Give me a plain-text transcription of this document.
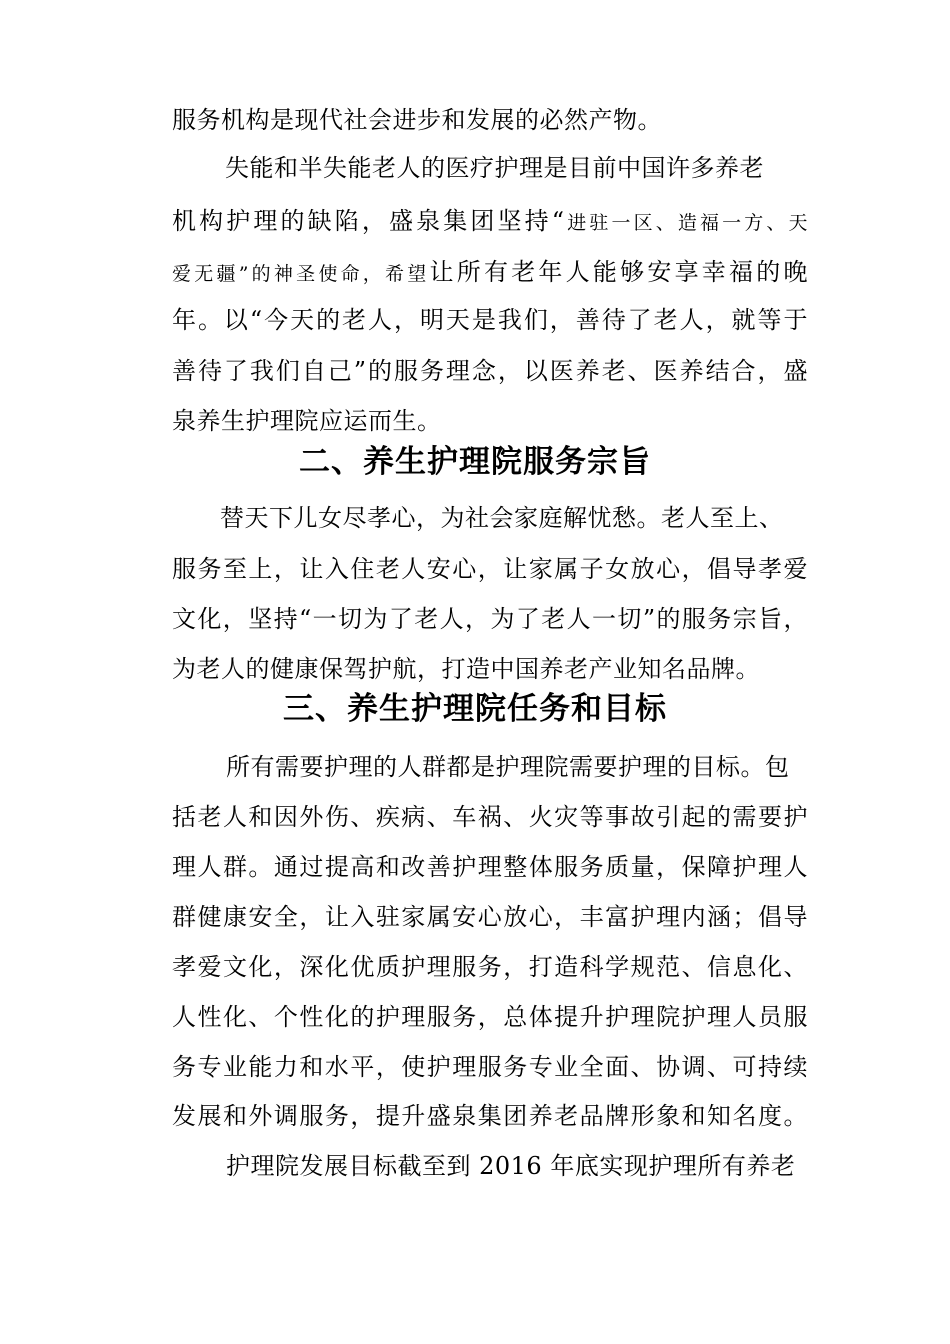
服务机构是现代社会进步和发展的必然产物。
失能和半失能老人的医疗护理是目前中国许多养老
机构护理的缺陷，盛泉集团坚持“进驻一区、造福一方、天
爱无疆”的神圣使命，希望让所有老年人能够安享幸福的晚
年。以“今天的老人，明天是我们，善待了老人，就等于
善待了我们自己”的服务理念，以医养老、医养结合，盛
泉养生护理院应运而生。
二、养生护理院服务宗旨
替天下儿女尽孝心，为社会家庭解忧愁。老人至上、
服务至上，让入住老人安心，让家属子女放心，倡导孝爱
文化，坚持“一切为了老人，为了老人一切”的服务宗旨，
为老人的健康保驾护航，打造中国养老产业知名品牌。
三、养生护理院任务和目标
所有需要护理的人群都是护理院需要护理的目标。包
括老人和因外伤、疾病、车祸、火灾等事故引起的需要护
理人群。通过提高和改善护理整体服务质量，保障护理人
群健康安全，让入驻家属安心放心，丰富护理内涵；倡导
孝爱文化，深化优质护理服务，打造科学规范、信息化、
人性化、个性化的护理服务，总体提升护理院护理人员服
务专业能力和水平，使护理服务专业全面、协调、可持续
发展和外调服务，提升盛泉集团养老品牌形象和知名度。
护理院发展目标截至到 2016 年底实现护理所有养老
